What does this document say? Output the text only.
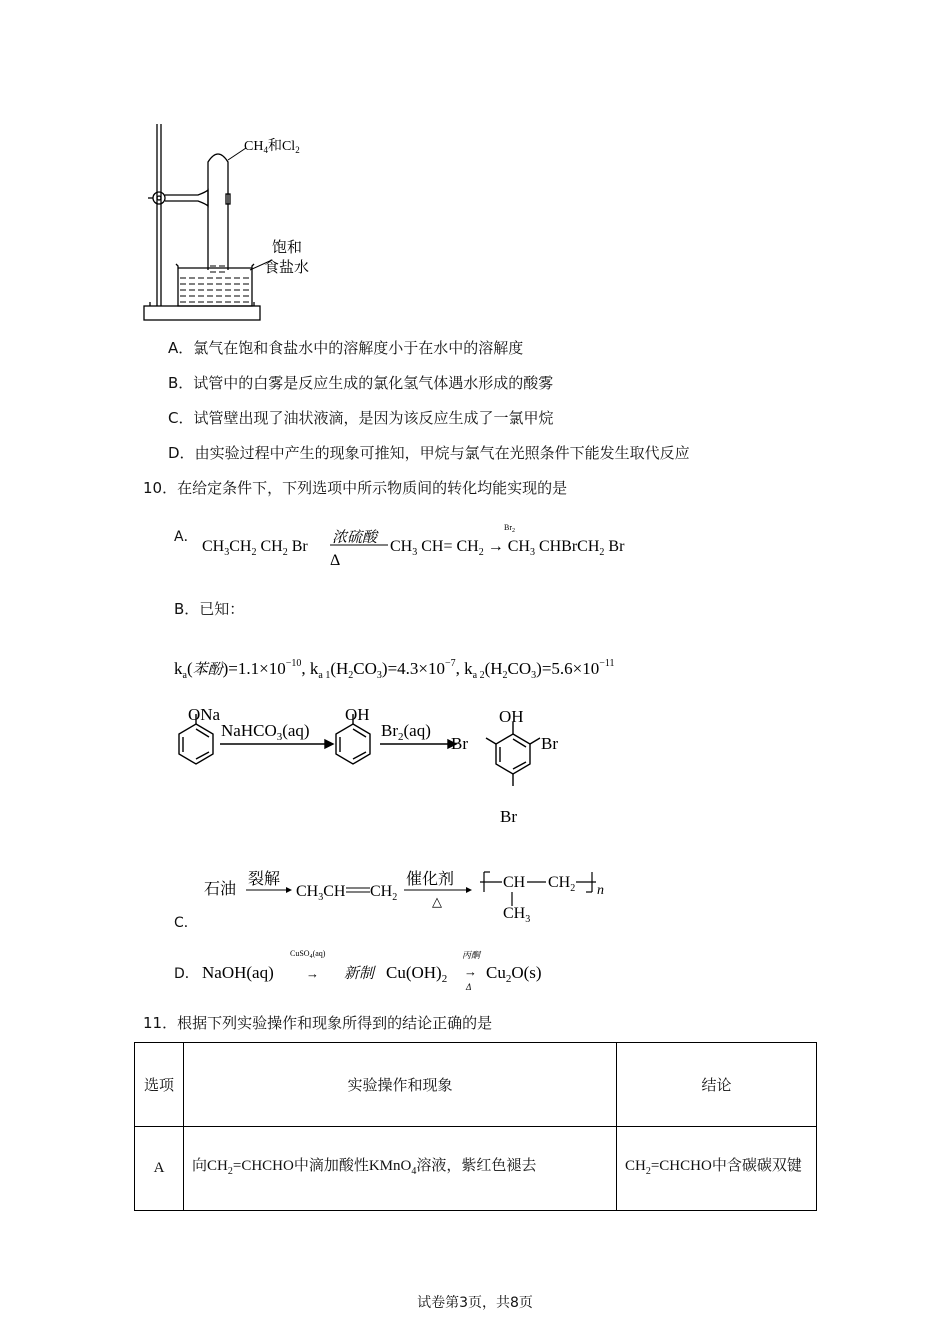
$CH_4$和$Cl_2$
饱和
食盐水
A．氯气在饱和食盐水中的溶解度小于在水中的溶解度
B．试管中的白雾是反应生成的氯化氢气体遇水形成的酸雾
C．试管壁出现了油状液滴，是因为该反应生成了一氯甲烷
D．由实验过程中产生的现象可推知，甲烷与氯气在光照条件下能发生取代反应
10．在给定条件下，下列选项中所示物质间的转化均能实现的是
A．
$CH_3CH_2$ $CH_2$ Br
浓硫酸
Δ
$CH_3$ $CH= CH_2 \to CH_3$ CHBrCH$_2$ Br
$Br_2$
B．已知：
$k_a$(苯酚)$=1.1\times 10^{-10}$, $k_{a 1}(H_2CO_3)=4.3\times 10^{-7}$, $k_{a 2}(H_2CO_3)=5.6\times 10^{-11}$
ONa
NaHCO$_3$(aq)
OH
$Br_2(aq)$
OH
Br	Br
Br
石油
裂解
$CH_3CH$ $CH_2$
催化剂
△
CH $CH_2$ n
$CH_3$
C．
D． NaOH(aq)
CuSO$_4$(aq)
→ 新制 $Cu(OH)_2$
丙酮
→
Δ
$Cu_2O(s)$
11．根据下列实验操作和现象所得到的结论正确的是
选项	实验操作和现象	结论
A	向$CH_2=CHCHO$中滴加酸性KMnO$_4$溶液，紫红色褪去	$CH_2=CHCHO$中含碳碳双键
试卷第3页，共8页
